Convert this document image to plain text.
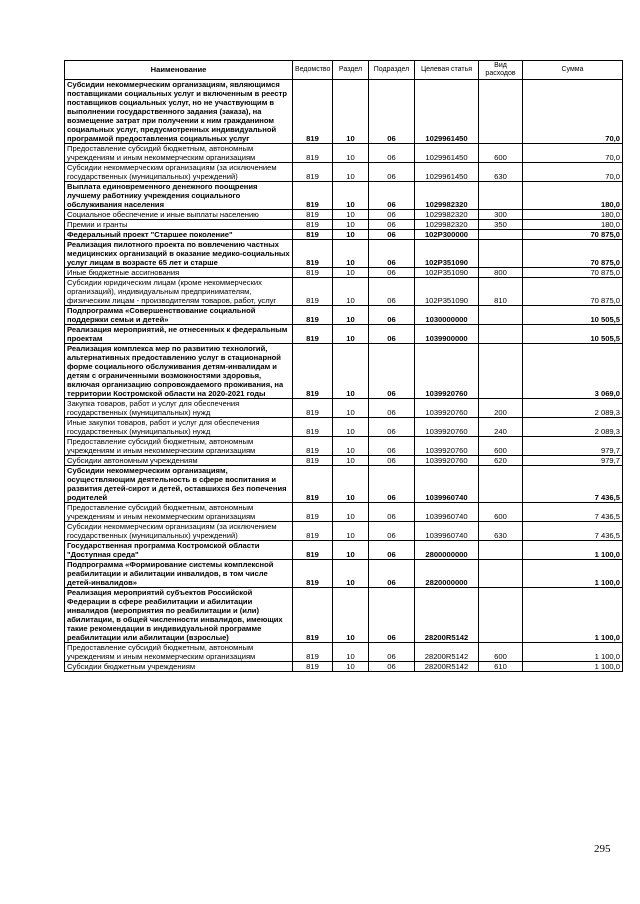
Наименование	Ведомство	Раздел	Подраздел	Целевая статья	Вид расходов	Сумма
Субсидии некоммерческим организациям, являющимся поставщиками социальных услуг и включенным в реестр поставщиков социальных услуг, но не участвующим в выполнении государственного задания (заказа), на возмещение затрат при получении к ним гражданином социальных услуг, предусмотренных индивидуальной программой предоставления социальных услуг	819	10	06	1029961450		70,0
Предоставление субсидий бюджетным, автономным учреждениям и иным некоммерческим организациям	819	10	06	1029961450	600	70,0
Субсидии некоммерческим организациям (за исключением государственных (муниципальных) учреждений)	819	10	06	1029961450	630	70,0
Выплата единовременного денежного поощрения лучшему работнику учреждения социального обслуживания населения	819	10	06	1029982320		180,0
Социальное обеспечение и иные выплаты населению	819	10	06	1029982320	300	180,0
Премии и гранты	819	10	06	1029982320	350	180,0
Федеральный проект "Старшее поколение"	819	10	06	102P300000		70 875,0
Реализация пилотного проекта по вовлечению частных медицинских организаций в оказание медико-социальных услуг лицам в возрасте 65 лет и старше	819	10	06	102P351090		70 875,0
Иные бюджетные ассигнования	819	10	06	102P351090	800	70 875,0
Субсидии юридическим лицам (кроме некоммерческих организаций), индивидуальным предпринимателям, физическим лицам - производителям товаров, работ, услуг	819	10	06	102P351090	810	70 875,0
Подпрограмма «Совершенствование социальной поддержки семьи и детей»	819	10	06	1030000000		10 505,5
Реализация мероприятий, не отнесенных к федеральным проектам	819	10	06	1039900000		10 505,5
Реализация комплекса мер по развитию технологий, альтернативных предоставлению услуг в стационарной форме социального обслуживания детям-инвалидам и детям с ограниченными возможностями здоровья, включая организацию сопровождаемого проживания, на территории Костромской области на 2020-2021 годы	819	10	06	1039920760		3 069,0
Закупка товаров, работ и услуг для обеспечения государственных (муниципальных) нужд	819	10	06	1039920760	200	2 089,3
Иные закупки товаров, работ и услуг для обеспечения государственных (муниципальных) нужд	819	10	06	1039920760	240	2 089,3
Предоставление субсидий бюджетным, автономным учреждениям и иным некоммерческим организациям	819	10	06	1039920760	600	979,7
Субсидии автономным учреждениям	819	10	06	1039920760	620	979,7
Субсидии некоммерческим организациям, осуществляющим деятельность в сфере воспитания и развития детей-сирот и детей, оставшихся без попечения родителей	819	10	06	1039960740		7 436,5
Предоставление субсидий бюджетным, автономным учреждениям и иным некоммерческим организациям	819	10	06	1039960740	600	7 436,5
Субсидии некоммерческим организациям (за исключением государственных (муниципальных) учреждений)	819	10	06	1039960740	630	7 436,5
Государственная программа Костромской области "Доступная среда"	819	10	06	2800000000		1 100,0
Подпрограмма «Формирование системы комплексной реабилитации и абилитации инвалидов, в том числе детей-инвалидов»	819	10	06	2820000000		1 100,0
Реализация мероприятий субъектов Российской Федерации в сфере реабилитации и абилитации инвалидов (мероприятия по реабилитации и (или) абилитации, в общей численности инвалидов, имеющих такие рекомендации в индивидуальной программе реабилитации или абилитации (взрослые)	819	10	06	28200R5142		1 100,0
Предоставление субсидий бюджетным, автономным учреждениям и иным некоммерческим организациям	819	10	06	28200R5142	600	1 100,0
Субсидии бюджетным учреждениям	819	10	06	28200R5142	610	1 100,0
295
